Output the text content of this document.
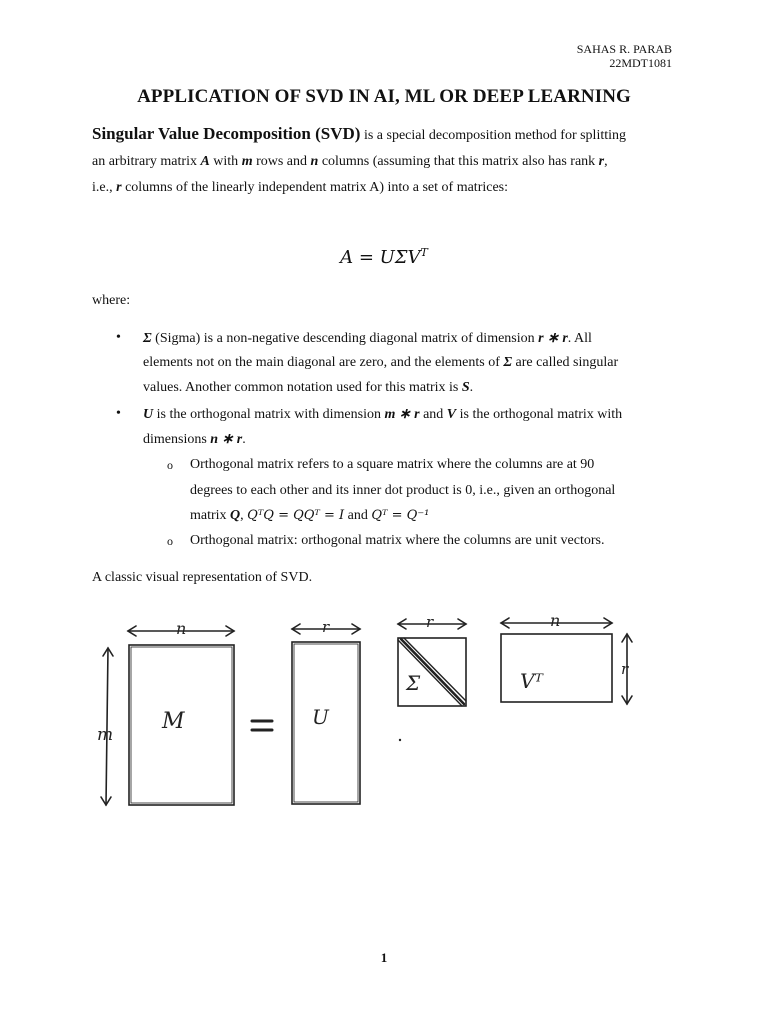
SAHAS R. PARAB
22MDT1081
APPLICATION OF SVD IN AI, ML OR DEEP LEARNING
Singular Value Decomposition (SVD) is a special decomposition method for splitting
an arbitrary matrix A with m rows and n columns (assuming that this matrix also has rank r,
i.e., r columns of the linearly independent matrix A) into a set of matrices:
$A = U\Sigma V^T$
where:
• Σ (Sigma) is a non-negative descending diagonal matrix of dimension r ∗ r. All
elements not on the main diagonal are zero, and the elements of Σ are called singular
values. Another common notation used for this matrix is S.
• U is the orthogonal matrix with dimension m ∗ r and V is the orthogonal matrix with
dimensions n ∗ r.
o Orthogonal matrix refers to a square matrix where the columns are at 90
degrees to each other and its inner dot product is 0, i.e., given an orthogonal
matrix Q, QᵀQ = QQᵀ = I and Qᵀ = Q⁻¹
o Orthogonal matrix: orthogonal matrix where the columns are unit vectors.
A classic visual representation of SVD.
n
m
M
r
U
r
Σ
n
Vᵀ	r
1
